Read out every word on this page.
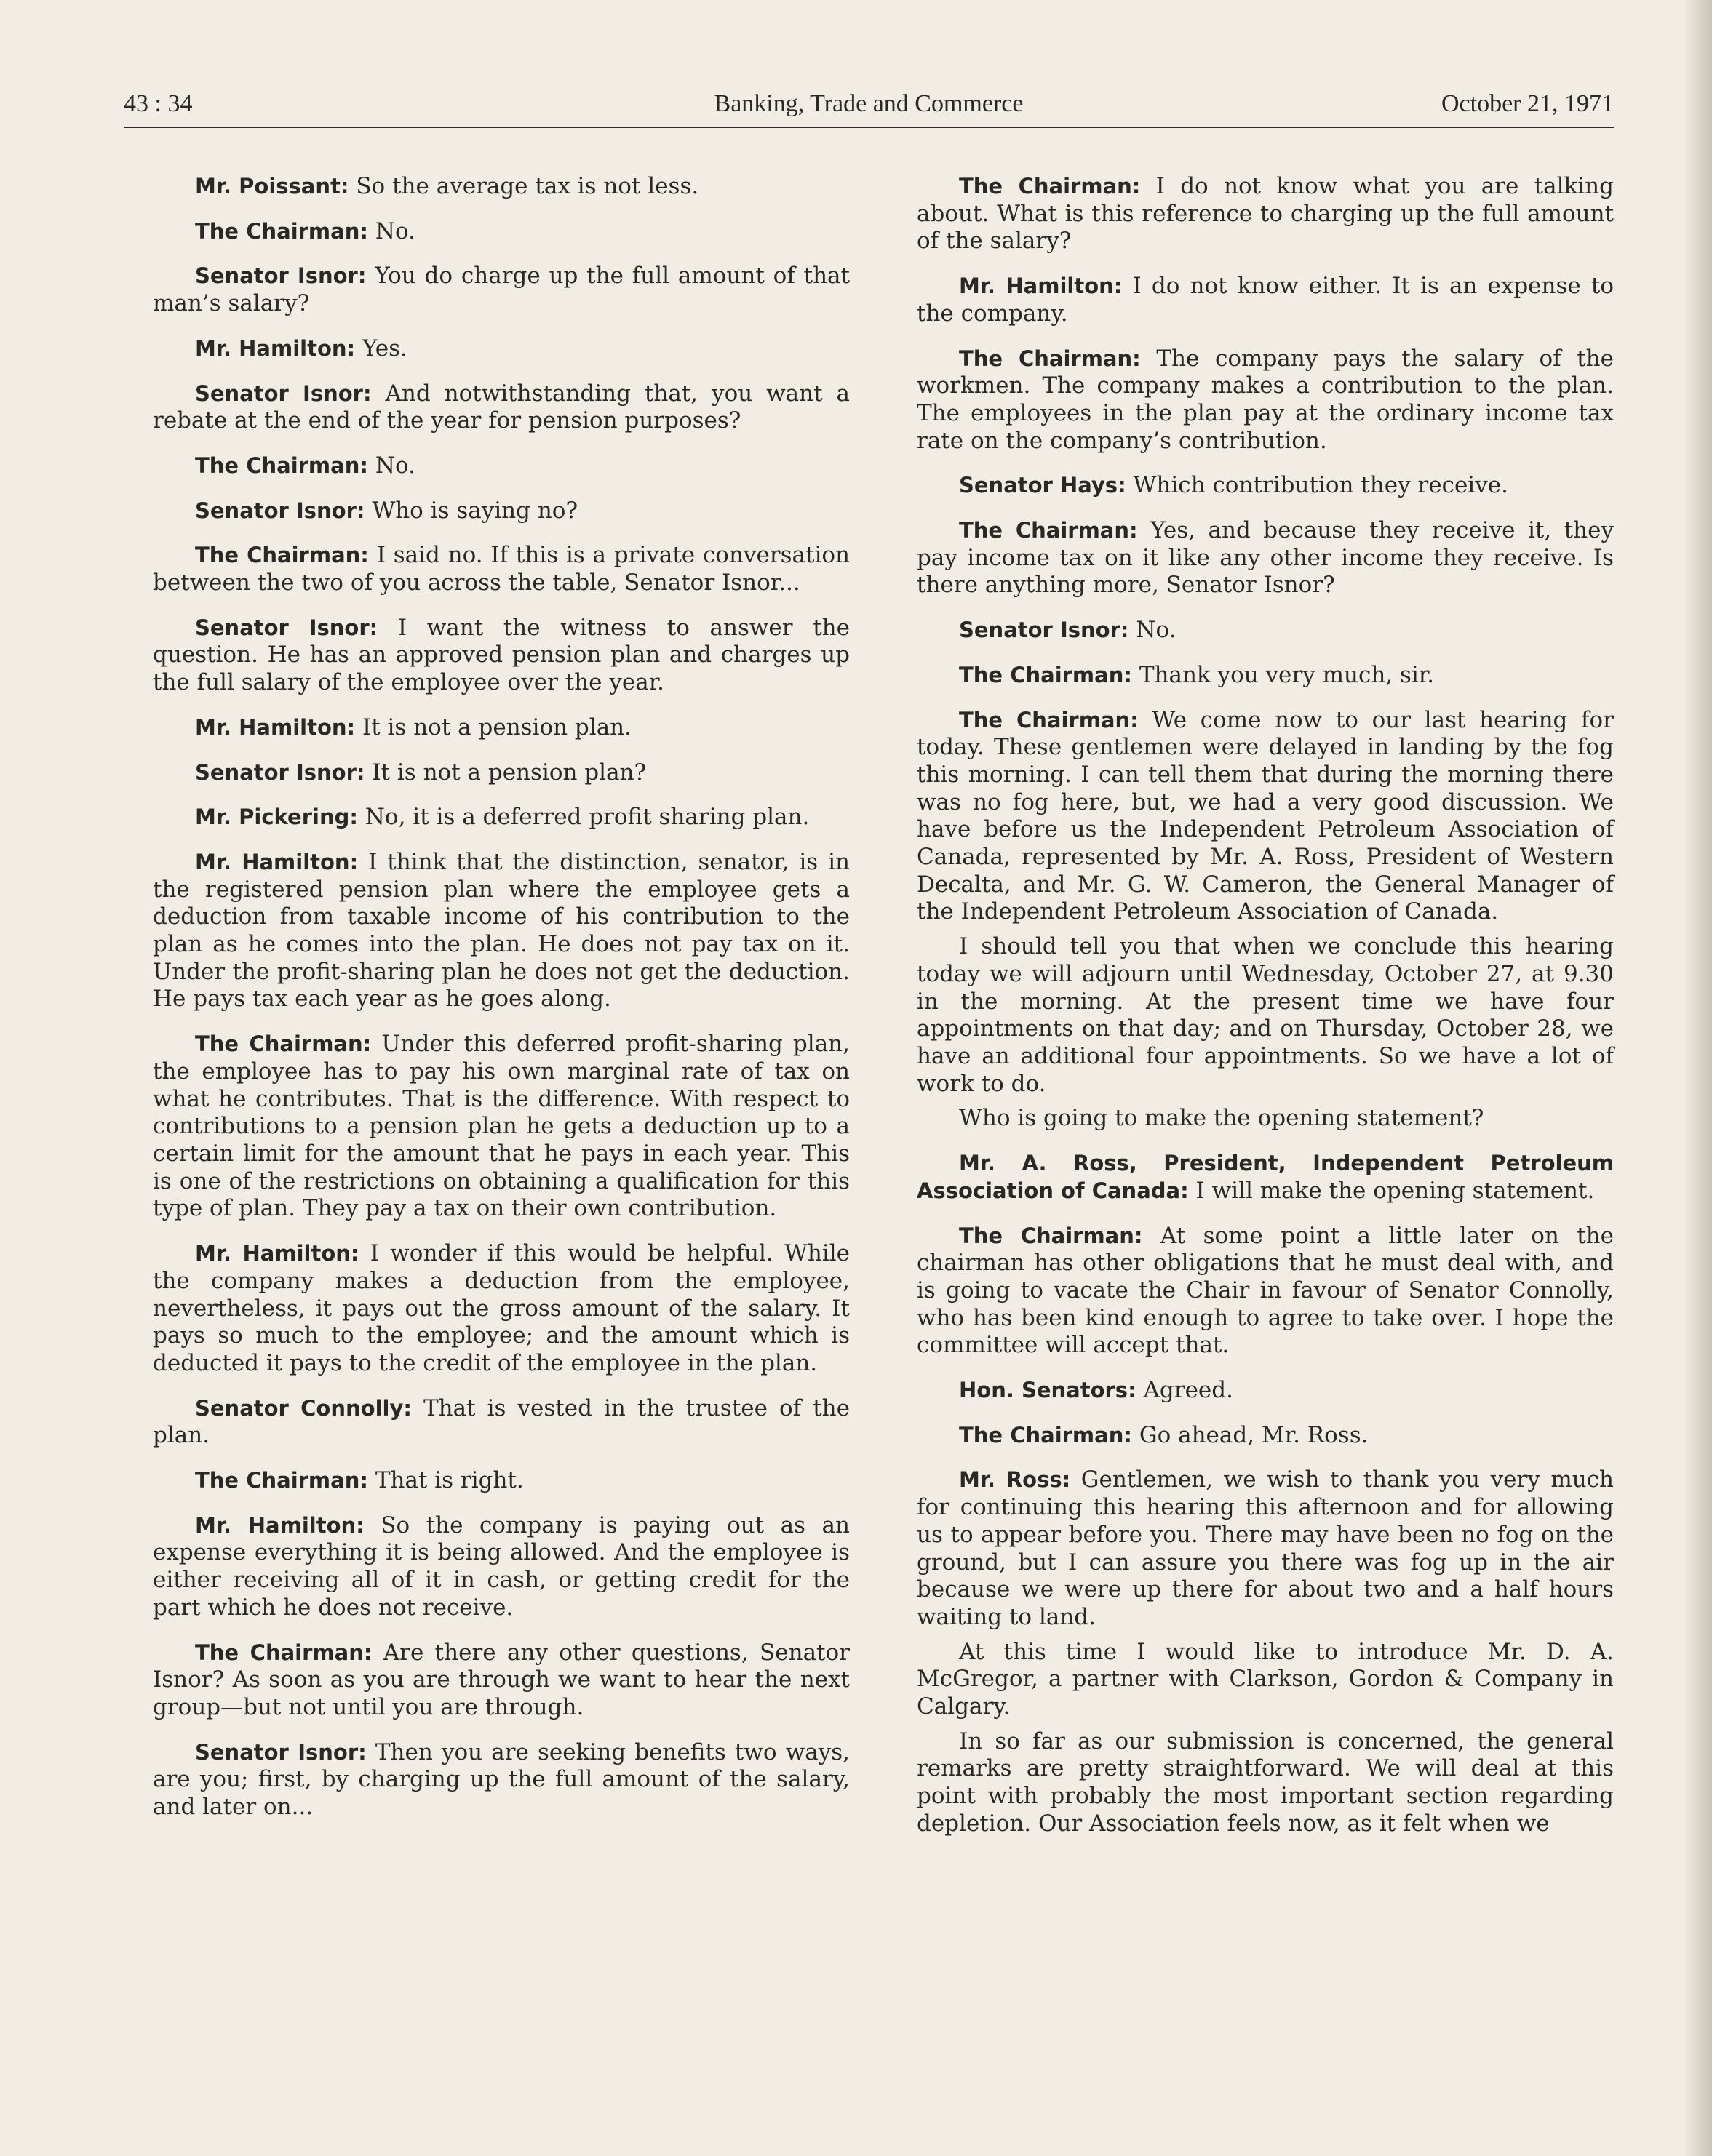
43 : 34	Banking, Trade and Commerce	October 21, 1971

Mr. Poissant: So the average tax is not less.

The Chairman: No.

Senator Isnor: You do charge up the full amount of that man’s salary?

Mr. Hamilton: Yes.

Senator Isnor: And notwithstanding that, you want a rebate at the end of the year for pension purposes?

The Chairman: No.

Senator Isnor: Who is saying no?

The Chairman: I said no. If this is a private conversation between the two of you across the table, Senator Isnor...

Senator Isnor: I want the witness to answer the question. He has an approved pension plan and charges up the full salary of the employee over the year.

Mr. Hamilton: It is not a pension plan.

Senator Isnor: It is not a pension plan?

Mr. Pickering: No, it is a deferred profit sharing plan.

Mr. Hamilton: I think that the distinction, senator, is in the registered pension plan where the employee gets a deduction from taxable income of his contribution to the plan as he comes into the plan. He does not pay tax on it. Under the profit-sharing plan he does not get the deduction. He pays tax each year as he goes along.

The Chairman: Under this deferred profit-sharing plan, the employee has to pay his own marginal rate of tax on what he contributes. That is the difference. With respect to contributions to a pension plan he gets a deduction up to a certain limit for the amount that he pays in each year. This is one of the restrictions on obtaining a qualification for this type of plan. They pay a tax on their own contribution.

Mr. Hamilton: I wonder if this would be helpful. While the company makes a deduction from the employee, nevertheless, it pays out the gross amount of the salary. It pays so much to the employee; and the amount which is deducted it pays to the credit of the employee in the plan.

Senator Connolly: That is vested in the trustee of the plan.

The Chairman: That is right.

Mr. Hamilton: So the company is paying out as an expense everything it is being allowed. And the employee is either receiving all of it in cash, or getting credit for the part which he does not receive.

The Chairman: Are there any other questions, Senator Isnor? As soon as you are through we want to hear the next group—but not until you are through.

Senator Isnor: Then you are seeking benefits two ways, are you; first, by charging up the full amount of the salary, and later on...

The Chairman: I do not know what you are talking about. What is this reference to charging up the full amount of the salary?

Mr. Hamilton: I do not know either. It is an expense to the company.

The Chairman: The company pays the salary of the workmen. The company makes a contribution to the plan. The employees in the plan pay at the ordinary income tax rate on the company’s contribution.

Senator Hays: Which contribution they receive.

The Chairman: Yes, and because they receive it, they pay income tax on it like any other income they receive. Is there anything more, Senator Isnor?

Senator Isnor: No.

The Chairman: Thank you very much, sir.

The Chairman: We come now to our last hearing for today. These gentlemen were delayed in landing by the fog this morning. I can tell them that during the morning there was no fog here, but, we had a very good discussion. We have before us the Independent Petroleum Association of Canada, represented by Mr. A. Ross, President of Western Decalta, and Mr. G. W. Cameron, the General Manager of the Independent Petroleum Association of Canada.

I should tell you that when we conclude this hearing today we will adjourn until Wednesday, October 27, at 9.30 in the morning. At the present time we have four appointments on that day; and on Thursday, October 28, we have an additional four appointments. So we have a lot of work to do.

Who is going to make the opening statement?

Mr. A. Ross, President, Independent Petroleum Association of Canada: I will make the opening statement.

The Chairman: At some point a little later on the chairman has other obligations that he must deal with, and is going to vacate the Chair in favour of Senator Connolly, who has been kind enough to agree to take over. I hope the committee will accept that.

Hon. Senators: Agreed.

The Chairman: Go ahead, Mr. Ross.

Mr. Ross: Gentlemen, we wish to thank you very much for continuing this hearing this afternoon and for allowing us to appear before you. There may have been no fog on the ground, but I can assure you there was fog up in the air because we were up there for about two and a half hours waiting to land.

At this time I would like to introduce Mr. D. A. McGregor, a partner with Clarkson, Gordon & Company in Calgary.

In so far as our submission is concerned, the general remarks are pretty straightforward. We will deal at this point with probably the most important section regarding depletion. Our Association feels now, as it felt when we
